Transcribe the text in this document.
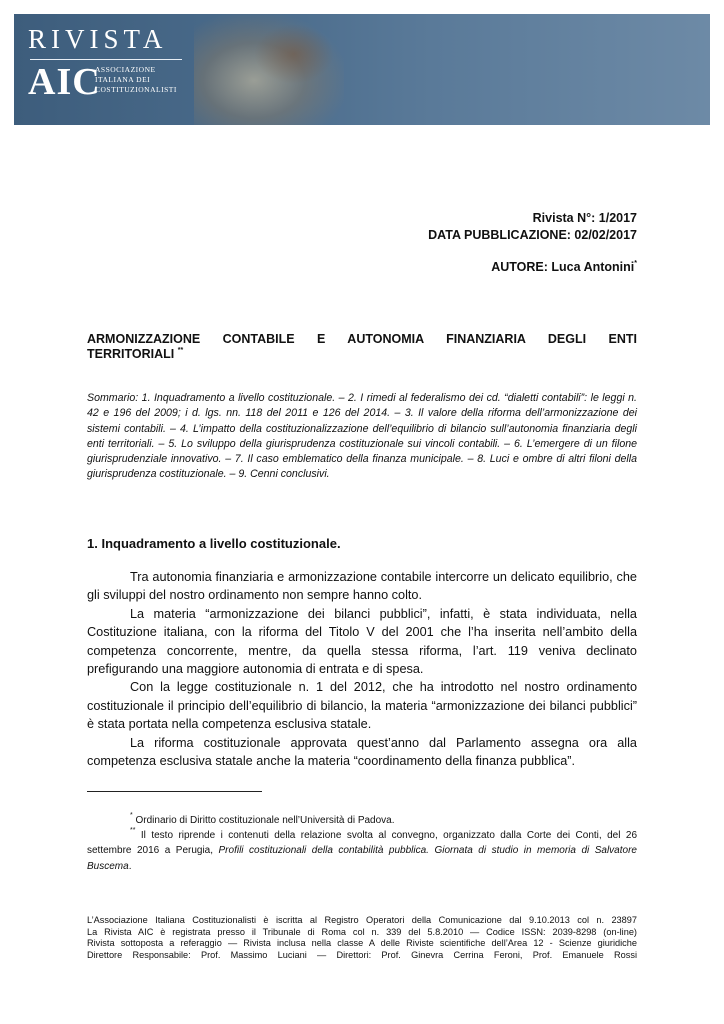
RIVISTA
AIC
ASSOCIAZIONE
ITALIANA DEI
COSTITUZIONALISTI
Rivista N°: 1/2017
DATA PUBBLICAZIONE: 02/02/2017
AUTORE: Luca Antonini*
ARMONIZZAZIONE CONTABILE E AUTONOMIA FINANZIARIA DEGLI ENTI
TERRITORIALI **
Sommario: 1. Inquadramento a livello costituzionale. – 2. I rimedi al federalismo dei cd. “dialetti contabili”: le leggi n. 42 e 196 del 2009; i d. lgs. nn. 118 del 2011 e 126 del 2014. – 3. Il valore della riforma dell’armonizzazione dei sistemi contabili. – 4. L’impatto della costituzionalizzazione dell’equilibrio di bilancio sull’autonomia finanziaria degli enti territoriali. – 5. Lo sviluppo della giurisprudenza costituzionale sui vincoli contabili. – 6. L’emergere di un filone giurisprudenziale innovativo. – 7. Il caso emblematico della finanza municipale. – 8. Luci e ombre di altri filoni della giurisprudenza costituzionale. – 9. Cenni conclusivi.
1. Inquadramento a livello costituzionale.

Tra autonomia finanziaria e armonizzazione contabile intercorre un delicato equilibrio, che gli sviluppi del nostro ordinamento non sempre hanno colto.

La materia “armonizzazione dei bilanci pubblici”, infatti, è stata individuata, nella Costituzione italiana, con la riforma del Titolo V del 2001 che l’ha inserita nell’ambito della competenza concorrente, mentre, da quella stessa riforma, l’art. 119 veniva declinato prefigurando una maggiore autonomia di entrata e di spesa.

Con la legge costituzionale n. 1 del 2012, che ha introdotto nel nostro ordinamento costituzionale il principio dell’equilibrio di bilancio, la materia “armonizzazione dei bilanci pubblici” è stata portata nella competenza esclusiva statale.

La riforma costituzionale approvata quest’anno dal Parlamento assegna ora alla competenza esclusiva statale anche la materia “coordinamento della finanza pubblica”.

* Ordinario di Diritto costituzionale nell’Università di Padova.

** Il testo riprende i contenuti della relazione svolta al convegno, organizzato dalla Corte dei Conti, del 26 settembre 2016 a Perugia, Profili costituzionali della contabilità pubblica. Giornata di studio in memoria di Salvatore Buscema.

L’Associazione Italiana Costituzionalisti è iscritta al Registro Operatori della Comunicazione dal 9.10.2013 col n. 23897
La Rivista AIC è registrata presso il Tribunale di Roma col n. 339 del 5.8.2010 — Codice ISSN: 2039-8298 (on-line)
Rivista sottoposta a referaggio — Rivista inclusa nella classe A delle Riviste scientifiche dell’Area 12 - Scienze giuridiche
Direttore Responsabile: Prof. Massimo Luciani — Direttori: Prof. Ginevra Cerrina Feroni, Prof. Emanuele Rossi
